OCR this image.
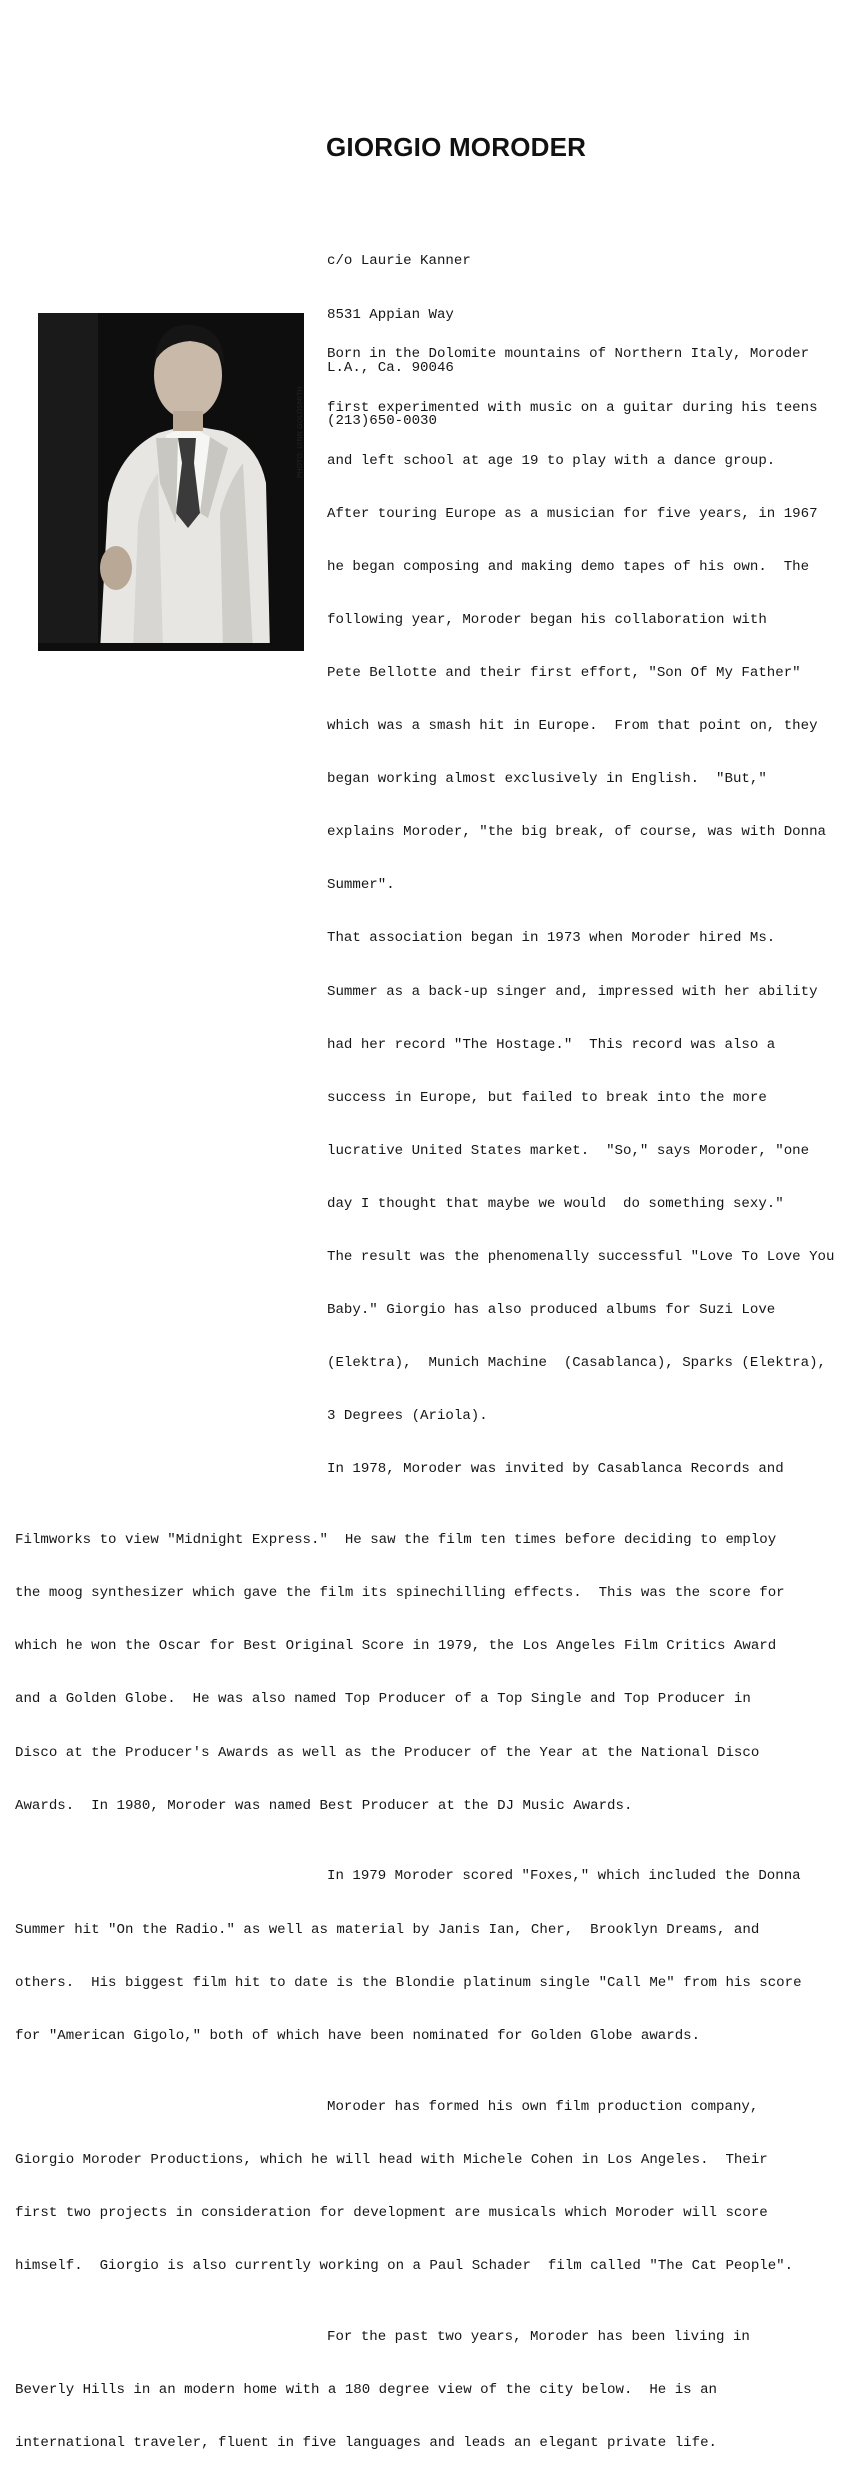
GIORGIO MORODER

c/o Laurie Kanner

8531 Appian Way

L.A., Ca. 90046

(213)650-0030

PHOTO: LYNN GOLDSMITH

Born in the Dolomite mountains of Northern Italy, Moroder

first experimented with music on a guitar during his teens

and left school at age 19 to play with a dance group.

After touring Europe as a musician for five years, in 1967

he began composing and making demo tapes of his own.  The

following year, Moroder began his collaboration with

Pete Bellotte and their first effort, "Son Of My Father"

which was a smash hit in Europe.  From that point on, they

began working almost exclusively in English.  "But,"

explains Moroder, "the big break, of course, was with Donna

Summer".

That association began in 1973 when Moroder hired Ms.

Summer as a back-up singer and, impressed with her ability

had her record "The Hostage."  This record was also a

success in Europe, but failed to break into the more

lucrative United States market.  "So," says Moroder, "one

day I thought that maybe we would  do something sexy."

The result was the phenomenally successful "Love To Love You

Baby." Giorgio has also produced albums for Suzi Love

(Elektra),  Munich Machine  (Casablanca), Sparks (Elektra),

3 Degrees (Ariola).

In 1978, Moroder was invited by Casablanca Records and

Filmworks to view "Midnight Express."  He saw the film ten times before deciding to employ

the moog synthesizer which gave the film its spinechilling effects.  This was the score for

which he won the Oscar for Best Original Score in 1979, the Los Angeles Film Critics Award

and a Golden Globe.  He was also named Top Producer of a Top Single and Top Producer in

Disco at the Producer's Awards as well as the Producer of the Year at the National Disco

Awards.  In 1980, Moroder was named Best Producer at the DJ Music Awards.

In 1979 Moroder scored "Foxes," which included the Donna

Summer hit "On the Radio." as well as material by Janis Ian, Cher,  Brooklyn Dreams, and

others.  His biggest film hit to date is the Blondie platinum single "Call Me" from his score

for "American Gigolo," both of which have been nominated for Golden Globe awards.

Moroder has formed his own film production company,

Giorgio Moroder Productions, which he will head with Michele Cohen in Los Angeles.  Their

first two projects in consideration for development are musicals which Moroder will score

himself.  Giorgio is also currently working on a Paul Schader  film called "The Cat People".

For the past two years, Moroder has been living in

Beverly Hills in an modern home with a 180 degree view of the city below.  He is an

international traveler, fluent in five languages and leads an elegant private life.
